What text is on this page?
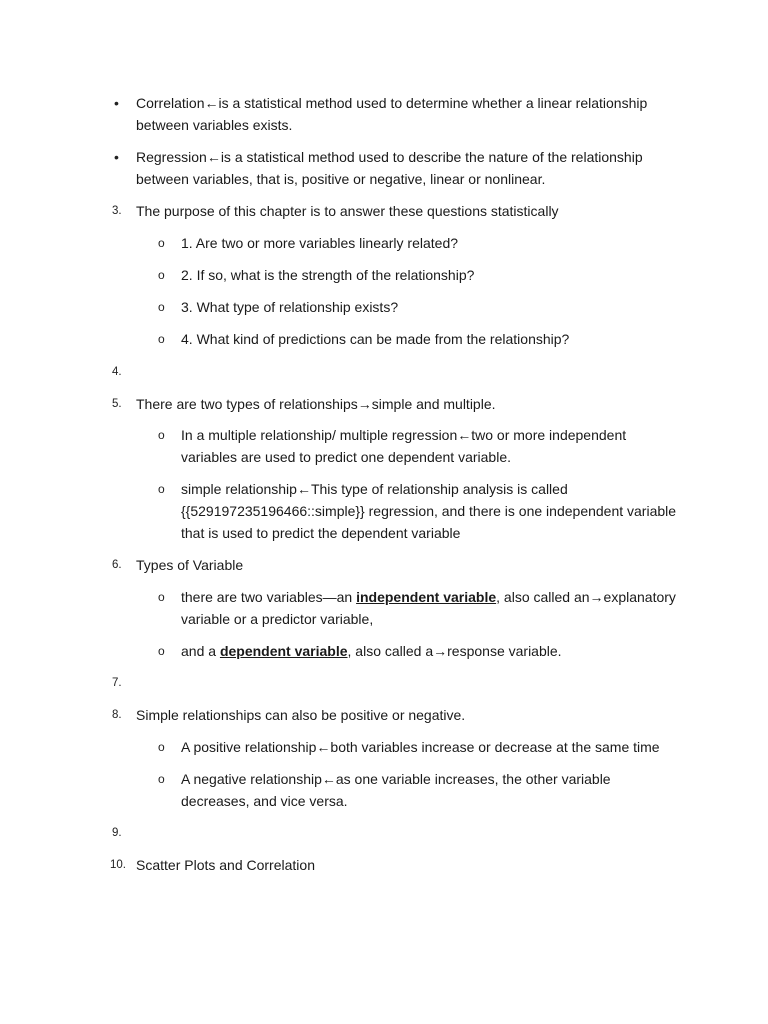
• Correlation←is a statistical method used to determine whether a linear relationship between variables exists.

• Regression←is a statistical method used to describe the nature of the relationship between variables, that is, positive or negative, linear or nonlinear.

3. The purpose of this chapter is to answer these questions statistically

o 1. Are two or more variables linearly related?

o 2. If so, what is the strength of the relationship?

o 3. What type of relationship exists?

o 4. What kind of predictions can be made from the relationship?

4.
5. There are two types of relationships→simple and multiple.

o In a multiple relationship/ multiple regression←two or more independent variables are used to predict one dependent variable.

o simple relationship←This type of relationship analysis is called {{529197235196466::simple}} regression, and there is one independent variable that is used to predict the dependent variable

6. Types of Variable

o there are two variables—an independent variable, also called an→explanatory variable or a predictor variable,

o and a dependent variable, also called a→response variable.

7.
8. Simple relationships can also be positive or negative.

o A positive relationship←both variables increase or decrease at the same time

o A negative relationship←as one variable increases, the other variable decreases, and vice versa.

9.
10. Scatter Plots and Correlation
